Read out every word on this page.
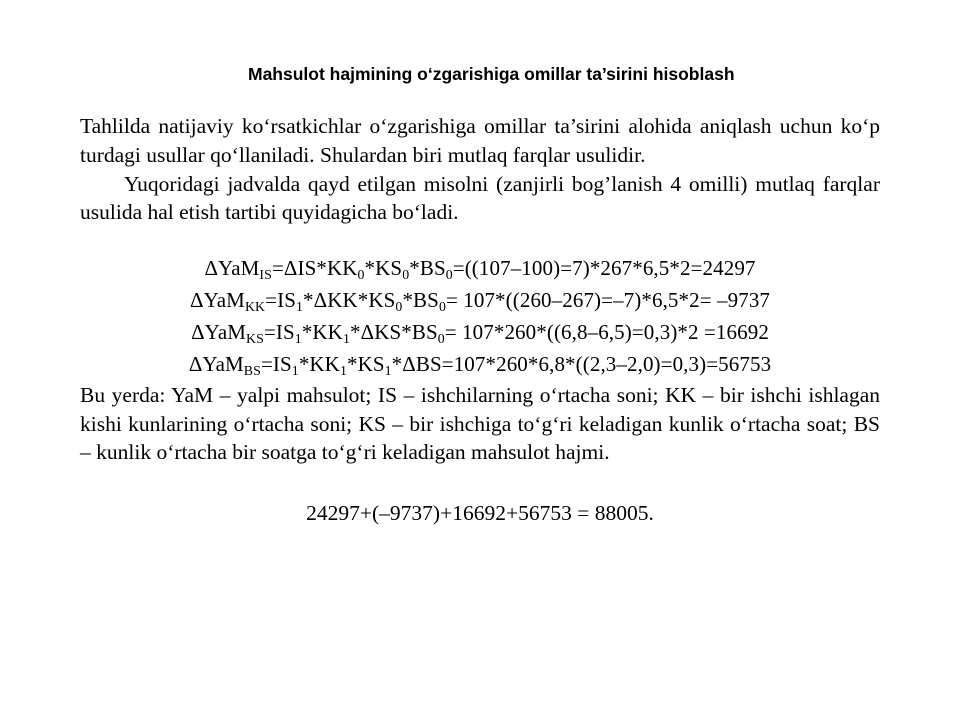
Mahsulot hajmining o‘zgarishiga omillar ta’sirini hisoblash

Tahlilda natijaviy ko‘rsatkichlar o‘zgarishiga omillar ta’sirini alohida aniqlash uchun ko‘p turdagi usullar qo‘llaniladi. Shulardan biri mutlaq farqlar usulidir.

Yuqoridagi jadvalda qayd etilgan misolni (zanjirli bog’lanish 4 omilli) mutlaq farqlar usulida hal etish tartibi quyidagicha bo‘ladi.

$\Delta YaM_{IS}=\Delta IS*KK_0*KS_0*BS_0=((107-100)=7)*267*6,5*2=24297$
$\Delta YaM_{KK}=IS_1*\Delta KK*KS_0*BS_0= 107*((260-267)=-7)*6,5*2= -9737$
$\Delta YaM_{KS}=IS_1*KK_1*\Delta KS*BS_0= 107*260*((6,8-6,5)=0,3)*2 =16692$
$\Delta YaM_{BS}=IS_1*KK_1*KS_1*\Delta BS=107*260*6,8*((2,3-2,0)=0,3)=56753$

Bu yerda: YaM – yalpi mahsulot; IS – ishchilarning o‘rtacha soni; KK – bir ishchi ishlagan kishi kunlarining o‘rtacha soni; KS – bir ishchiga to‘g‘ri keladigan kunlik o‘rtacha soat; BS – kunlik o‘rtacha bir soatga to‘g‘ri keladigan mahsulot hajmi.

24297+(–9737)+16692+56753 = 88005.
